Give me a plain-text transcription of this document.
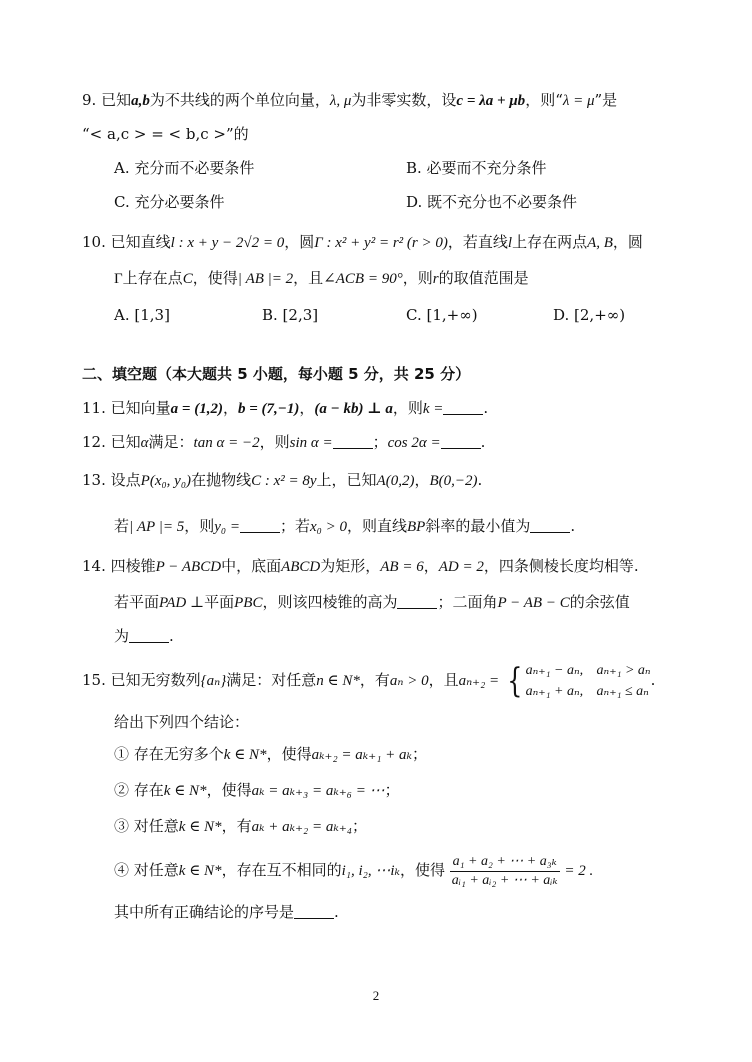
9. 已知a,b为不共线的两个单位向量，λ, μ为非零实数，设c = λa + μb，则“λ = μ”是
“< a,c > = < b,c >”的
A. 充分而不必要条件	B. 必要而不充分条件
C. 充分必要条件	D. 既不充分也不必要条件
10. 已知直线l : x + y − 2√2 = 0，圆Γ : x² + y² = r² (r > 0)，若直线l上存在两点A, B，圆
Γ上存在点C，使得| AB |= 2，且∠ACB = 90°，则r的取值范围是
A. [1,3]	B. [2,3]	C. [1,+∞)	D. [2,+∞)
二、填空题（本大题共 5 小题，每小题 5 分，共 25 分）
11. 已知向量a = (1,2)，b = (7,−1)，(a − kb) ⊥ a，则k =	.
12. 已知α满足：tan α = −2，则sin α =	；cos 2α =	.
13. 设点P(x₀, y₀)在抛物线C : x² = 8y上，已知A(0,2)，B(0,−2).
若| AP |= 5，则y₀ =	；若x₀ > 0，则直线BP斜率的最小值为	.
14. 四棱锥P − ABCD中，底面ABCD为矩形，AB = 6，AD = 2，四条侧棱长度均相等.
若平面PAD ⊥平面PBC，则该四棱锥的高为	；二面角P − AB − C的余弦值
为	.
15. 已知无穷数列{aₙ}满足：对任意n ∈ N*，有aₙ > 0，且aₙ₊₂ = { aₙ₊₁ − aₙ, aₙ₊₁ > aₙ
aₙ₊₁ + aₙ, aₙ₊₁ ≤ aₙ
.
给出下列四个结论：
① 存在无穷多个k ∈ N*，使得aₖ₊₂ = aₖ₊₁ + aₖ；
② 存在k ∈ N*，使得aₖ = aₖ₊₃ = aₖ₊₆ = ⋯；
③ 对任意k ∈ N*，有aₖ + aₖ₊₂ = aₖ₊₄；
④ 对任意k ∈ N*，存在互不相同的i₁, i₂, ⋯iₖ，使得 $\frac{\text{a₁ + a₂ + ⋯ + a₃ₖ}}{\text{aᵢ₁ + aᵢ₂ + ⋯ + aᵢₖ}} = 2$ .
其中所有正确结论的序号是	.
2
